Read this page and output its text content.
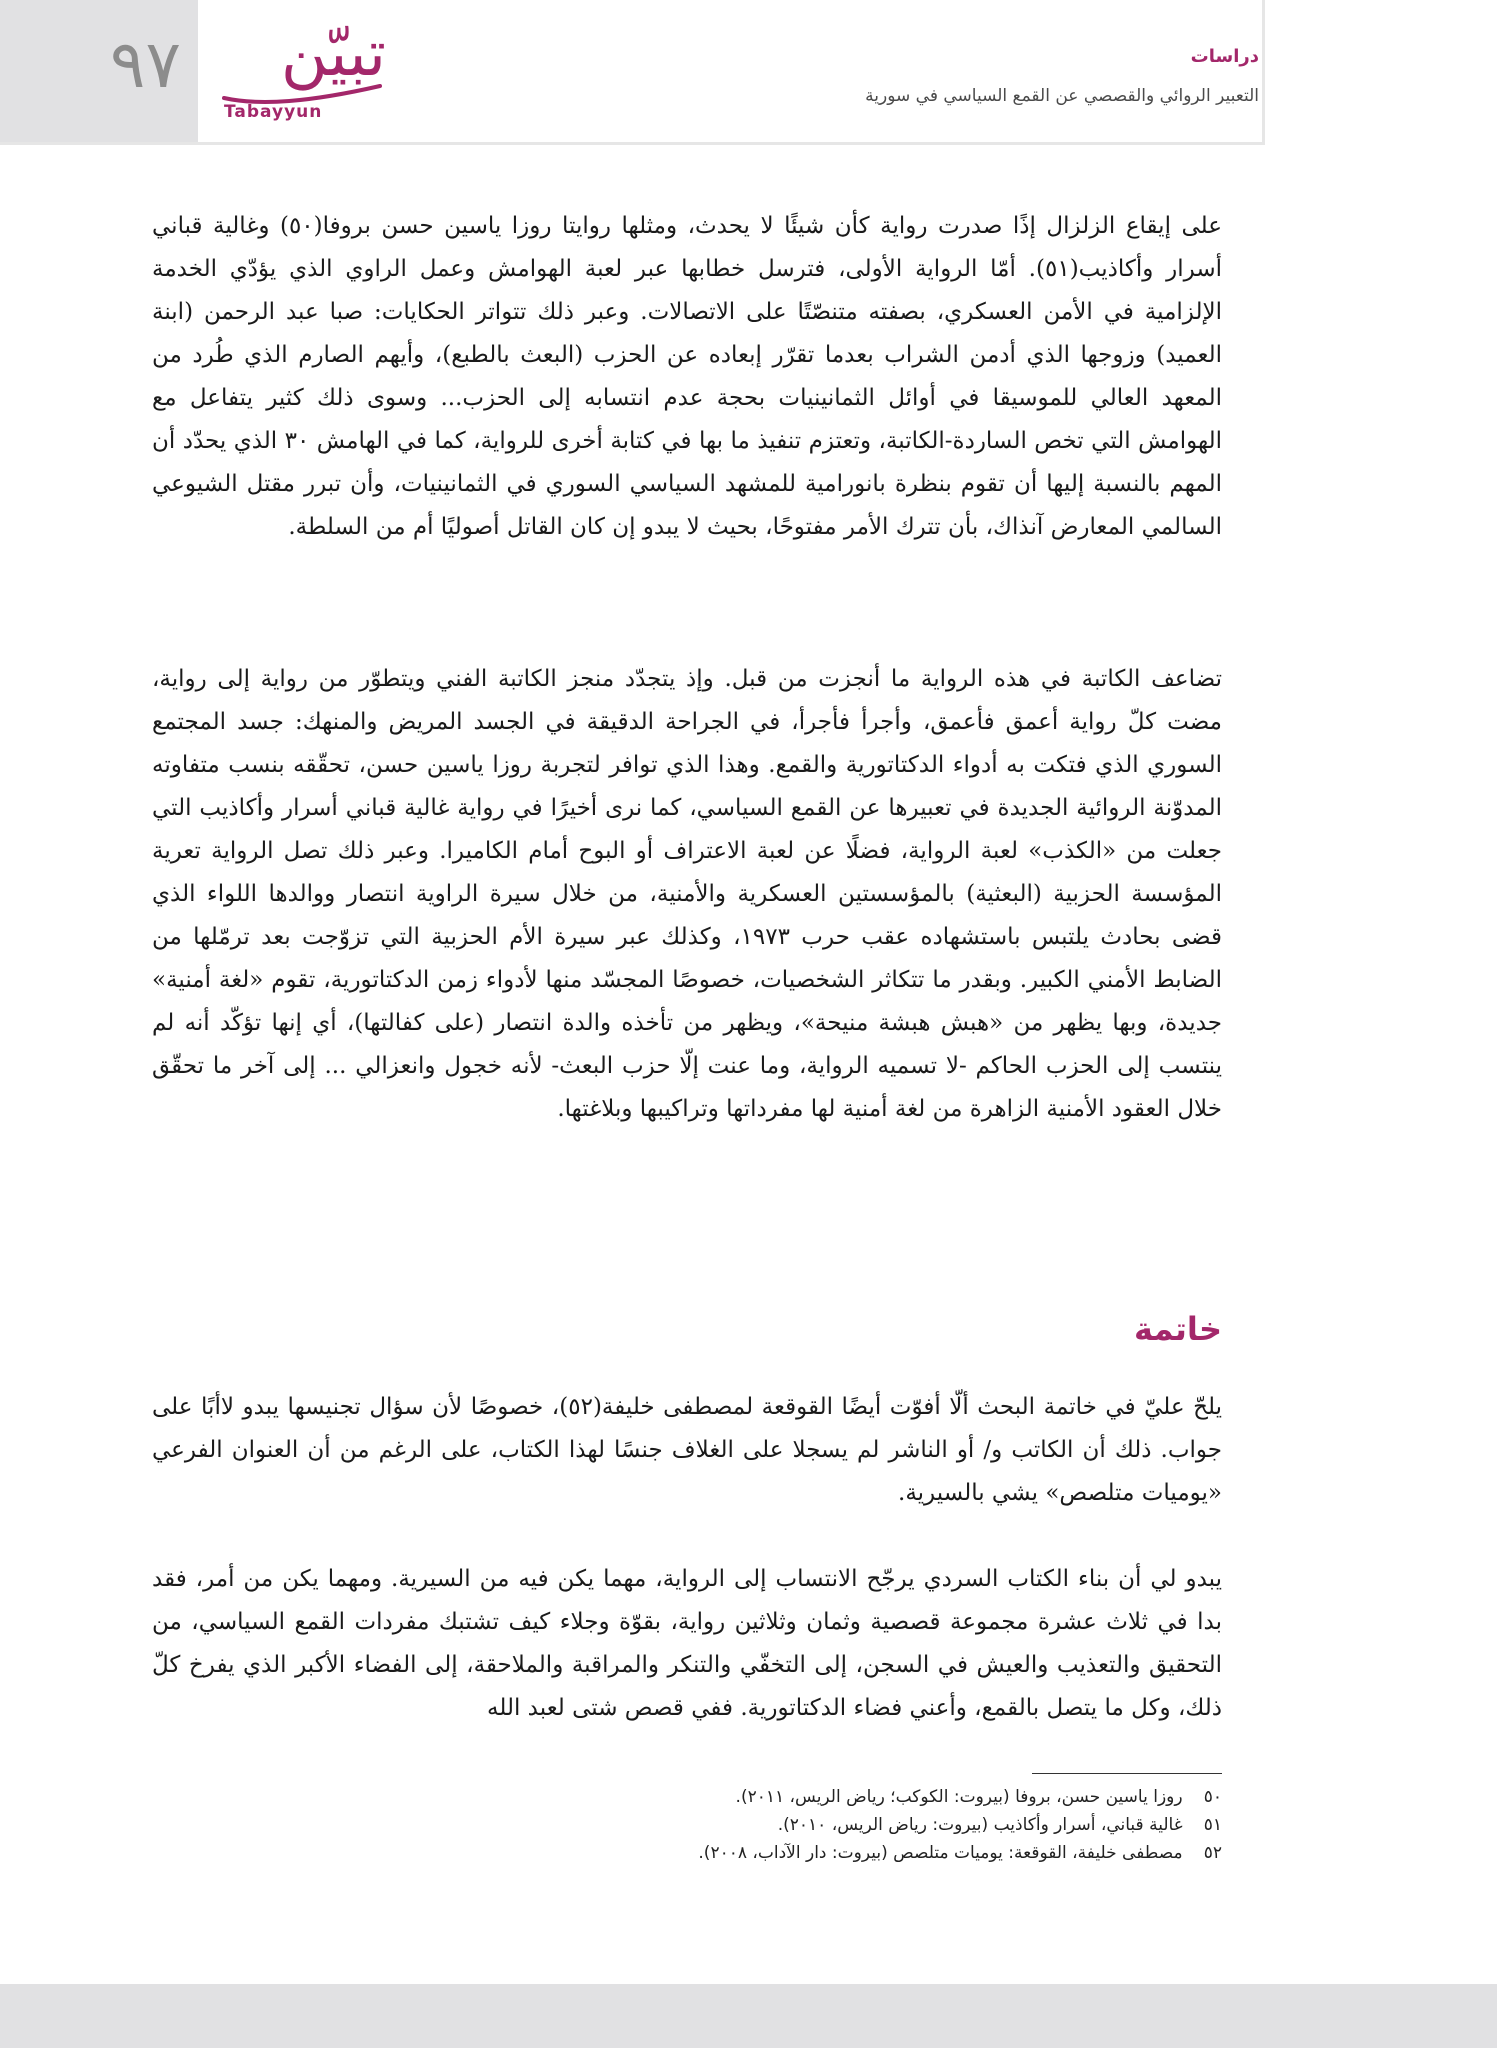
٩٧ تبيّن
Tabayyun
دراسات
التعبير الروائي والقصصي عن القمع السياسي في سورية

على إيقاع الزلزال إذًا صدرت رواية كأن شيئًا لا يحدث، ومثلها روايتا روزا ياسين حسن بروفا(٥٠) وغالية قباني أسرار وأكاذيب(٥١). أمّا الرواية الأولى، فترسل خطابها عبر لعبة الهوامش وعمل الراوي الذي يؤدّي الخدمة الإلزامية في الأمن العسكري، بصفته متنصّتًا على الاتصالات. وعبر ذلك تتواتر الحكايات: صبا عبد الرحمن (ابنة العميد) وزوجها الذي أدمن الشراب بعدما تقرّر إبعاده عن الحزب (البعث بالطبع)، وأيهم الصارم الذي طُرد من المعهد العالي للموسيقا في أوائل الثمانينيات بحجة عدم انتسابه إلى الحزب... وسوى ذلك كثير يتفاعل مع الهوامش التي تخص الساردة-الكاتبة، وتعتزم تنفيذ ما بها في كتابة أخرى للرواية، كما في الهامش ٣٠ الذي يحدّد أن المهم بالنسبة إليها أن تقوم بنظرة بانورامية للمشهد السياسي السوري في الثمانينيات، وأن تبرر مقتل الشيوعي السالمي المعارض آنذاك، بأن تترك الأمر مفتوحًا، بحيث لا يبدو إن كان القاتل أصوليًا أم من السلطة.

تضاعف الكاتبة في هذه الرواية ما أنجزت من قبل. وإذ يتجدّد منجز الكاتبة الفني ويتطوّر من رواية إلى رواية، مضت كلّ رواية أعمق فأعمق، وأجرأ فأجرأ، في الجراحة الدقيقة في الجسد المريض والمنهك: جسد المجتمع السوري الذي فتكت به أدواء الدكتاتورية والقمع. وهذا الذي توافر لتجربة روزا ياسين حسن، تحقّقه بنسب متفاوته المدوّنة الروائية الجديدة في تعبيرها عن القمع السياسي، كما نرى أخيرًا في رواية غالية قباني أسرار وأكاذيب التي جعلت من «الكذب» لعبة الرواية، فضلًا عن لعبة الاعتراف أو البوح أمام الكاميرا. وعبر ذلك تصل الرواية تعرية المؤسسة الحزبية (البعثية) بالمؤسستين العسكرية والأمنية، من خلال سيرة الراوية انتصار ووالدها اللواء الذي قضى بحادث يلتبس باستشهاده عقب حرب ١٩٧٣، وكذلك عبر سيرة الأم الحزبية التي تزوّجت بعد ترمّلها من الضابط الأمني الكبير. وبقدر ما تتكاثر الشخصيات، خصوصًا المجسّد منها لأدواء زمن الدكتاتورية، تقوم «لغة أمنية» جديدة، وبها يظهر من «هبش هبشة منيحة»، ويظهر من تأخذه والدة انتصار (على كفالتها)، أي إنها تؤكّد أنه لم ينتسب إلى الحزب الحاكم -لا تسميه الرواية، وما عنت إلّا حزب البعث- لأنه خجول وانعزالي ... إلى آخر ما تحقّق خلال العقود الأمنية الزاهرة من لغة أمنية لها مفرداتها وتراكيبها وبلاغتها.

خاتمة

يلحّ عليّ في خاتمة البحث ألّا أفوّت أيضًا القوقعة لمصطفى خليفة(٥٢)، خصوصًا لأن سؤال تجنيسها يبدو لاأبًا على جواب. ذلك أن الكاتب و/ أو الناشر لم يسجلا على الغلاف جنسًا لهذا الكتاب، على الرغم من أن العنوان الفرعي «يوميات متلصص» يشي بالسيرية.

يبدو لي أن بناء الكتاب السردي يرجّح الانتساب إلى الرواية، مهما يكن فيه من السيرية. ومهما يكن من أمر، فقد بدا في ثلاث عشرة مجموعة قصصية وثمان وثلاثين رواية، بقوّة وجلاء كيف تشتبك مفردات القمع السياسي، من التحقيق والتعذيب والعيش في السجن، إلى التخفّي والتنكر والمراقبة والملاحقة، إلى الفضاء الأكبر الذي يفرخ كلّ ذلك، وكل ما يتصل بالقمع، وأعني فضاء الدكتاتورية. ففي قصص شتى لعبد الله

٥٠ روزا ياسين حسن، بروفا (بيروت: الكوكب؛ رياض الريس، ٢٠١١).
٥١ غالية قباني، أسرار وأكاذيب (بيروت: رياض الريس، ٢٠١٠).
٥٢ مصطفى خليفة، القوقعة: يوميات متلصص (بيروت: دار الآداب، ٢٠٠٨).
